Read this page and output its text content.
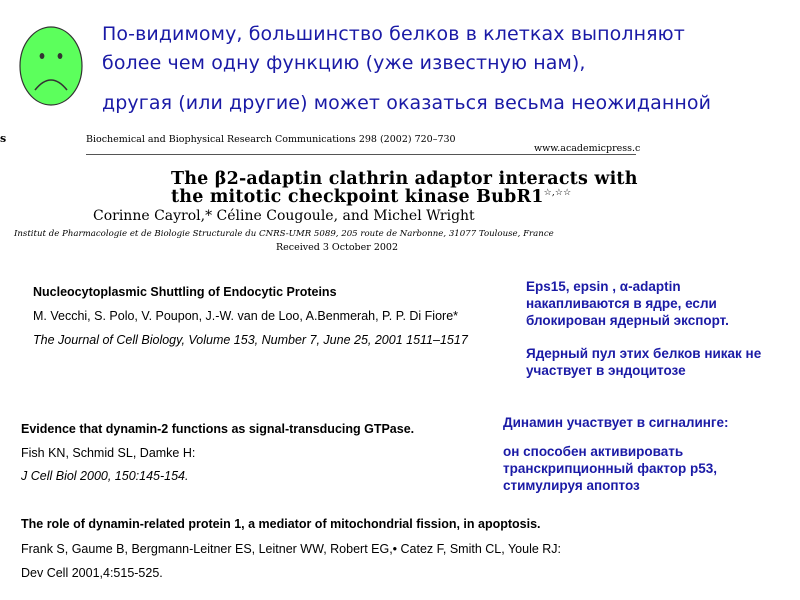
По-видимому, большинство белков в клетках выполняют
более чем одну функцию (уже известную нам),
другая (или другие) может оказаться весьма неожиданной
s	Biochemical and Biophysical Research Communications 298 (2002) 720–730
www.academicpress.c
The β2-adaptin clathrin adaptor interacts with
the mitotic checkpoint kinase BubR1☆,☆☆
Corinne Cayrol,* Céline Cougoule, and Michel Wright
Institut de Pharmacologie et de Biologie Structurale du CNRS-UMR 5089, 205 route de Narbonne, 31077 Toulouse, France
Received 3 October 2002
Nucleocytoplasmic Shuttling of Endocytic Proteins
M. Vecchi, S. Polo, V. Poupon, J.-W. van de Loo, A.Benmerah, P. P. Di Fiore*
The Journal of Cell Biology, Volume 153, Number 7, June 25, 2001 1511–1517
Evidence that dynamin-2 functions as signal-transducing GTPase.
Fish KN, Schmid SL, Damke H:
J Cell Biol 2000, 150:145-154.
The role of dynamin-related protein 1, a mediator of mitochondrial fission, in apoptosis.
Frank S, Gaume B, Bergmann-Leitner ES, Leitner WW, Robert EG,• Catez F, Smith CL, Youle RJ:
Dev Cell 2001,4:515-525.
Eps15, epsin , α-adaptin накапливаются в ядре, если блокирован ядерный экспорт.
Ядерный пул этих белков никак не участвует в эндоцитозе
Динамин участвует в сигналинге:
он способен активировать транскрипционный фактор p53, стимулируя апоптоз
